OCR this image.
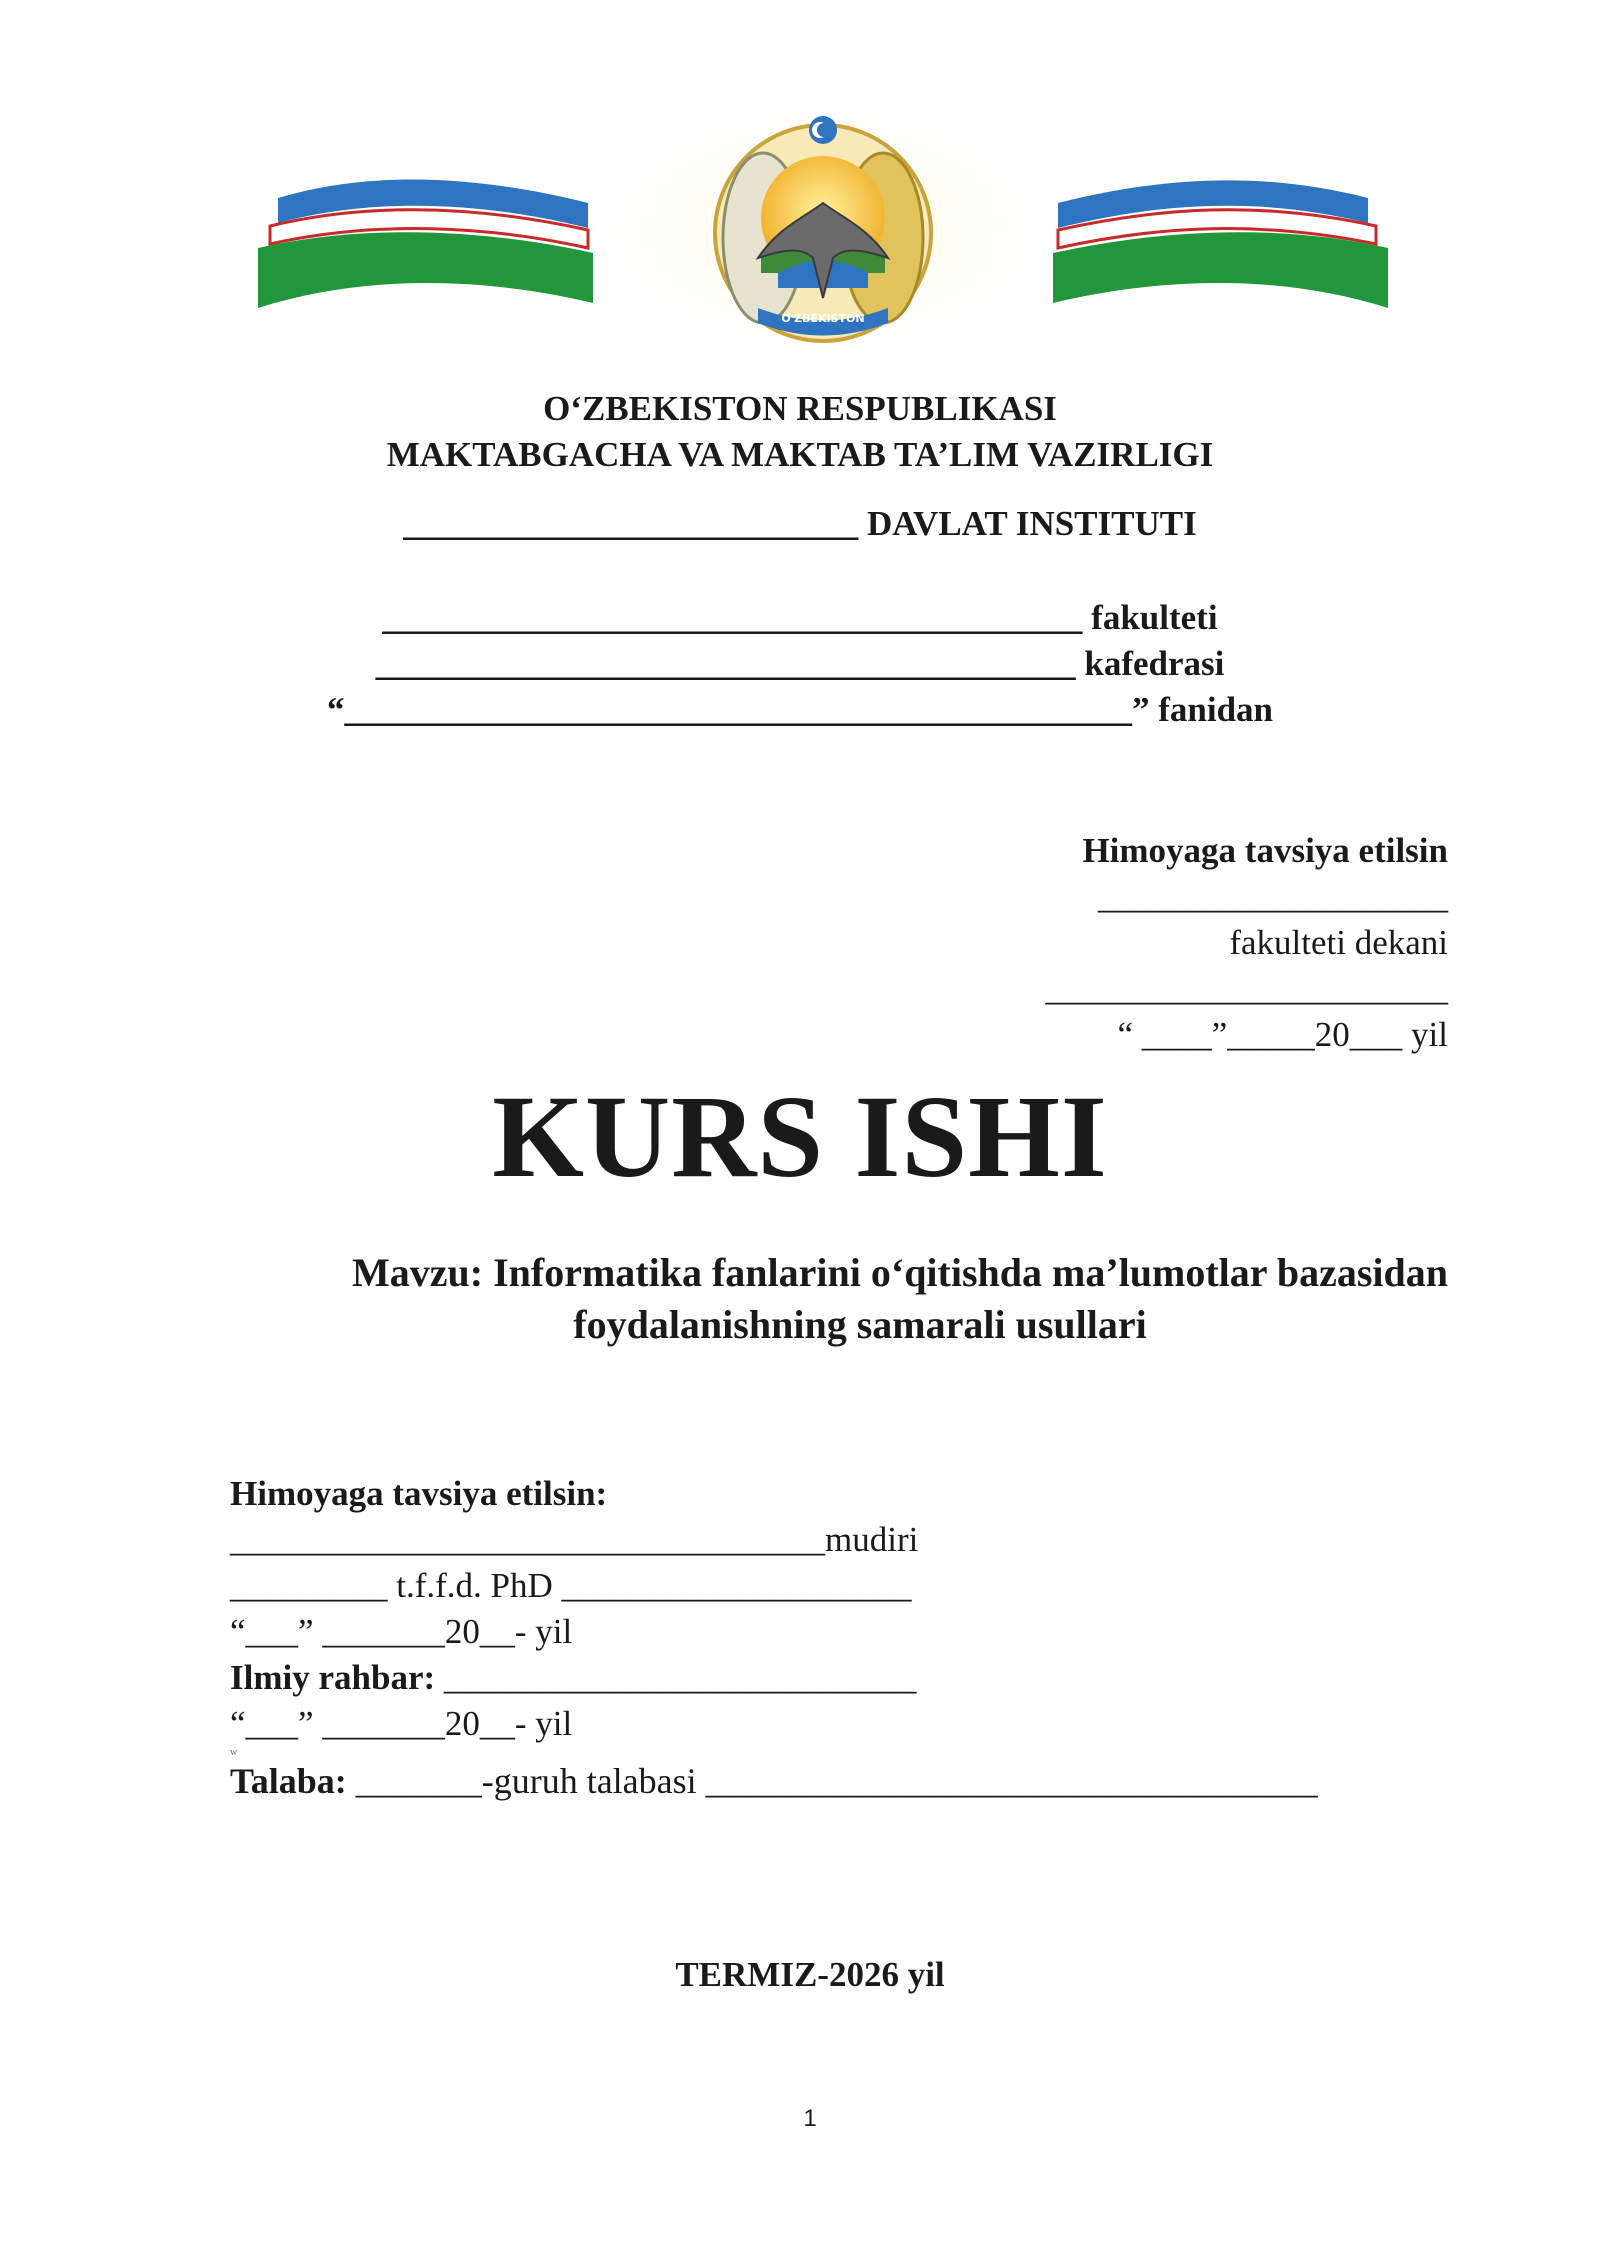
O'ZBEKISTON
O‘ZBEKISTON RESPUBLIKASI
MAKTABGACHA VA MAKTAB TA’LIM VAZIRLIGI
__________________________ DAVLAT INSTITUTI
________________________________________ fakulteti
________________________________________ kafedrasi
“_____________________________________________” fanidan
Himoyaga tavsiya etilsin
____________________
fakulteti dekani
_______________________
“ ____”_____20___ yil
KURS ISHI
Mavzu: Informatika fanlarini o‘qitishda ma’lumotlar bazasidan
foydalanishning samarali usullari
Himoyaga tavsiya etilsin:
__________________________________mudiri
_________ t.f.f.d. PhD ____________________
“___” _______20__- yil
Ilmiy rahbar: ___________________________
“___” _______20__- yil
w
Talaba: _______-guruh talabasi __________________________________
TERMIZ-2026 yil
1
